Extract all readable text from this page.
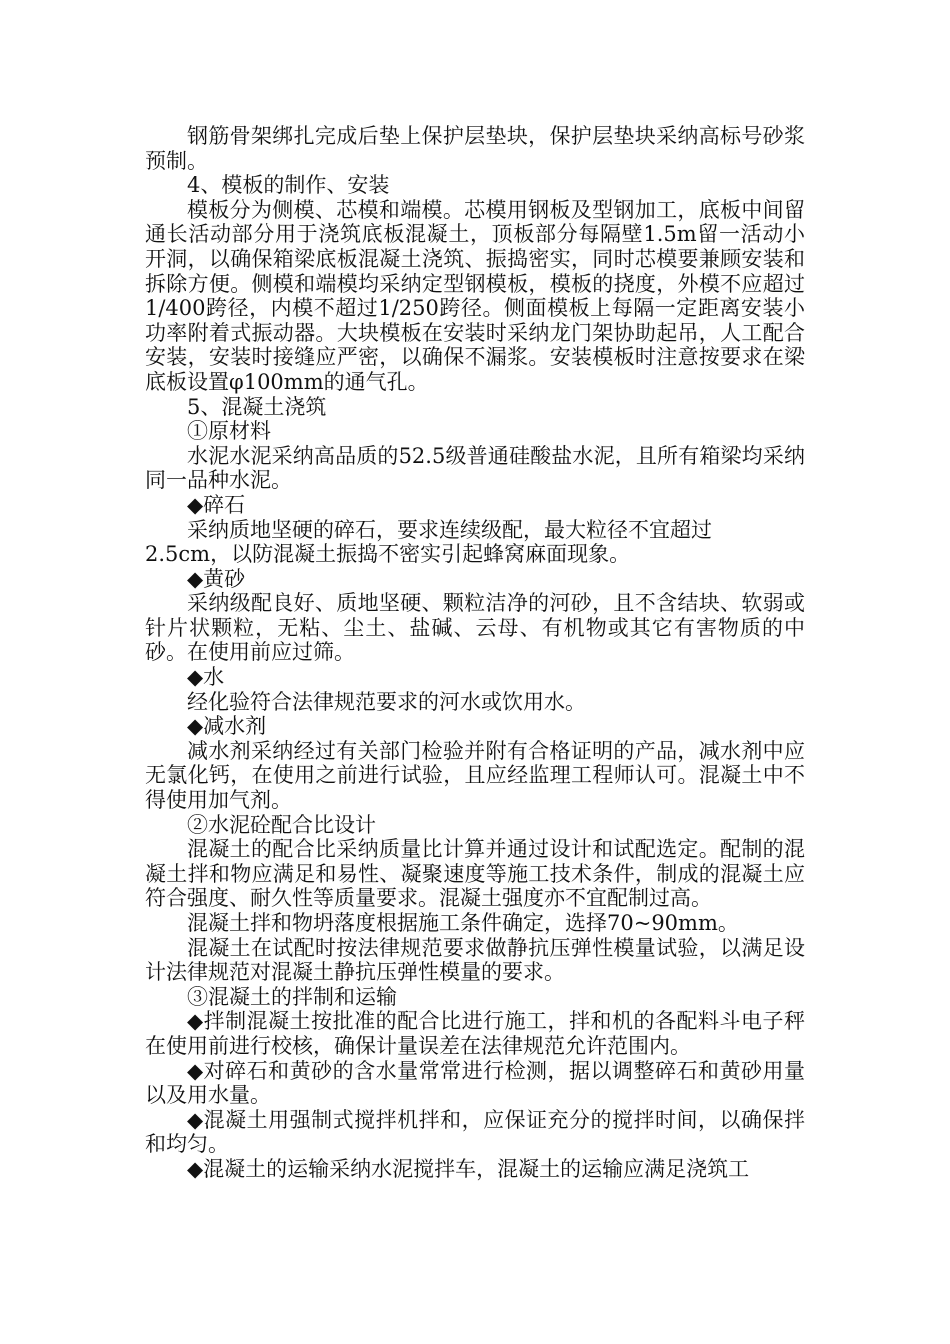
钢筋骨架绑扎完成后垫上保护层垫块，保护层垫块采纳高标号砂浆预制。

4、模板的制作、安装

模板分为侧模、芯模和端模。芯模用钢板及型钢加工，底板中间留通长活动部分用于浇筑底板混凝土，顶板部分每隔壁1.5m留一活动小开洞，以确保箱梁底板混凝土浇筑、振捣密实，同时芯模要兼顾安装和拆除方便。侧模和端模均采纳定型钢模板，模板的挠度，外模不应超过1/400跨径，内模不超过1/250跨径。侧面模板上每隔一定距离安装小功率附着式振动器。大块模板在安装时采纳龙门架协助起吊，人工配合安装，安装时接缝应严密，以确保不漏浆。安装模板时注意按要求在梁底板设置φ100mm的通气孔。

5、混凝土浇筑

①原材料

水泥水泥采纳高品质的52.5级普通硅酸盐水泥，且所有箱梁均采纳同一品种水泥。

◆碎石

采纳质地坚硬的碎石，要求连续级配，最大粒径不宜超过

2.5cm，以防混凝土振捣不密实引起蜂窝麻面现象。

◆黄砂

采纳级配良好、质地坚硬、颗粒洁净的河砂，且不含结块、软弱或针片状颗粒，无粘、尘土、盐碱、云母、有机物或其它有害物质的中砂。在使用前应过筛。

◆水

经化验符合法律规范要求的河水或饮用水。

◆减水剂

减水剂采纳经过有关部门检验并附有合格证明的产品，减水剂中应无氯化钙，在使用之前进行试验，且应经监理工程师认可。混凝土中不得使用加气剂。

②水泥砼配合比设计

混凝土的配合比采纳质量比计算并通过设计和试配选定。配制的混凝土拌和物应满足和易性、凝聚速度等施工技术条件，制成的混凝土应符合强度、耐久性等质量要求。混凝土强度亦不宜配制过高。

混凝土拌和物坍落度根据施工条件确定，选择70~90mm。

混凝土在试配时按法律规范要求做静抗压弹性模量试验，以满足设计法律规范对混凝土静抗压弹性模量的要求。

③混凝土的拌制和运输

◆拌制混凝土按批准的配合比进行施工，拌和机的各配料斗电子秤在使用前进行校核，确保计量误差在法律规范允许范围内。

◆对碎石和黄砂的含水量常常进行检测，据以调整碎石和黄砂用量以及用水量。

◆混凝土用强制式搅拌机拌和，应保证充分的搅拌时间，以确保拌和均匀。

◆混凝土的运输采纳水泥搅拌车，混凝土的运输应满足浇筑工
